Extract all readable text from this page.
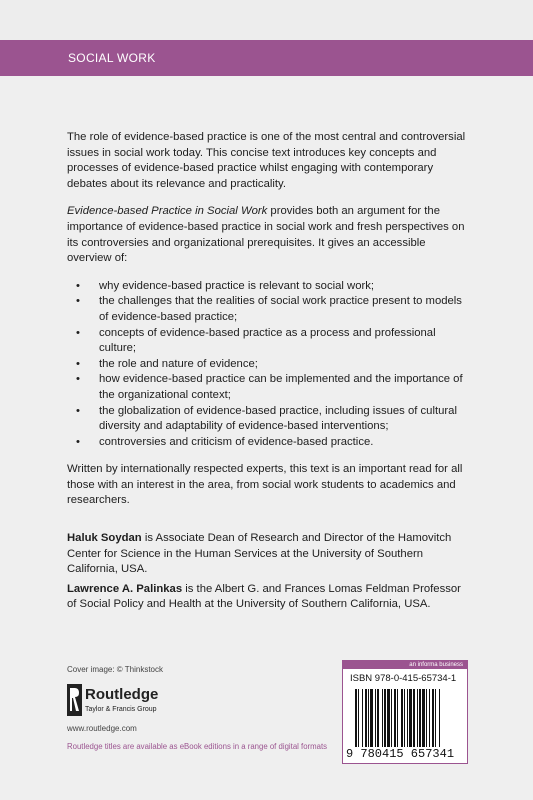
SOCIAL WORK

The role of evidence-based practice is one of the most central and controversial issues in social work today. This concise text introduces key concepts and processes of evidence-based practice whilst engaging with contemporary debates about its relevance and practicality.

Evidence-based Practice in Social Work provides both an argument for the importance of evidence-based practice in social work and fresh perspectives on its controversies and organizational prerequisites. It gives an accessible overview of:

• why evidence-based practice is relevant to social work;
• the challenges that the realities of social work practice present to models of evidence-based practice;
• concepts of evidence-based practice as a process and professional culture;
• the role and nature of evidence;
• how evidence-based practice can be implemented and the importance of the organizational context;
• the globalization of evidence-based practice, including issues of cultural diversity and adaptability of evidence-based interventions;
• controversies and criticism of evidence-based practice.

Written by internationally respected experts, this text is an important read for all those with an interest in the area, from social work students to academics and researchers.

Haluk Soydan is Associate Dean of Research and Director of the Hamovitch Center for Science in the Human Services at the University of Southern California, USA.

Lawrence A. Palinkas is the Albert G. and Frances Lomas Feldman Professor of Social Policy and Health at the University of Southern California, USA.

Cover image: © Thinkstock
Routledge
Taylor & Francis Group
www.routledge.com
Routledge titles are available as eBook editions in a range of digital formats
an informa business
ISBN 978-0-415-65734-1
9 780415 657341
